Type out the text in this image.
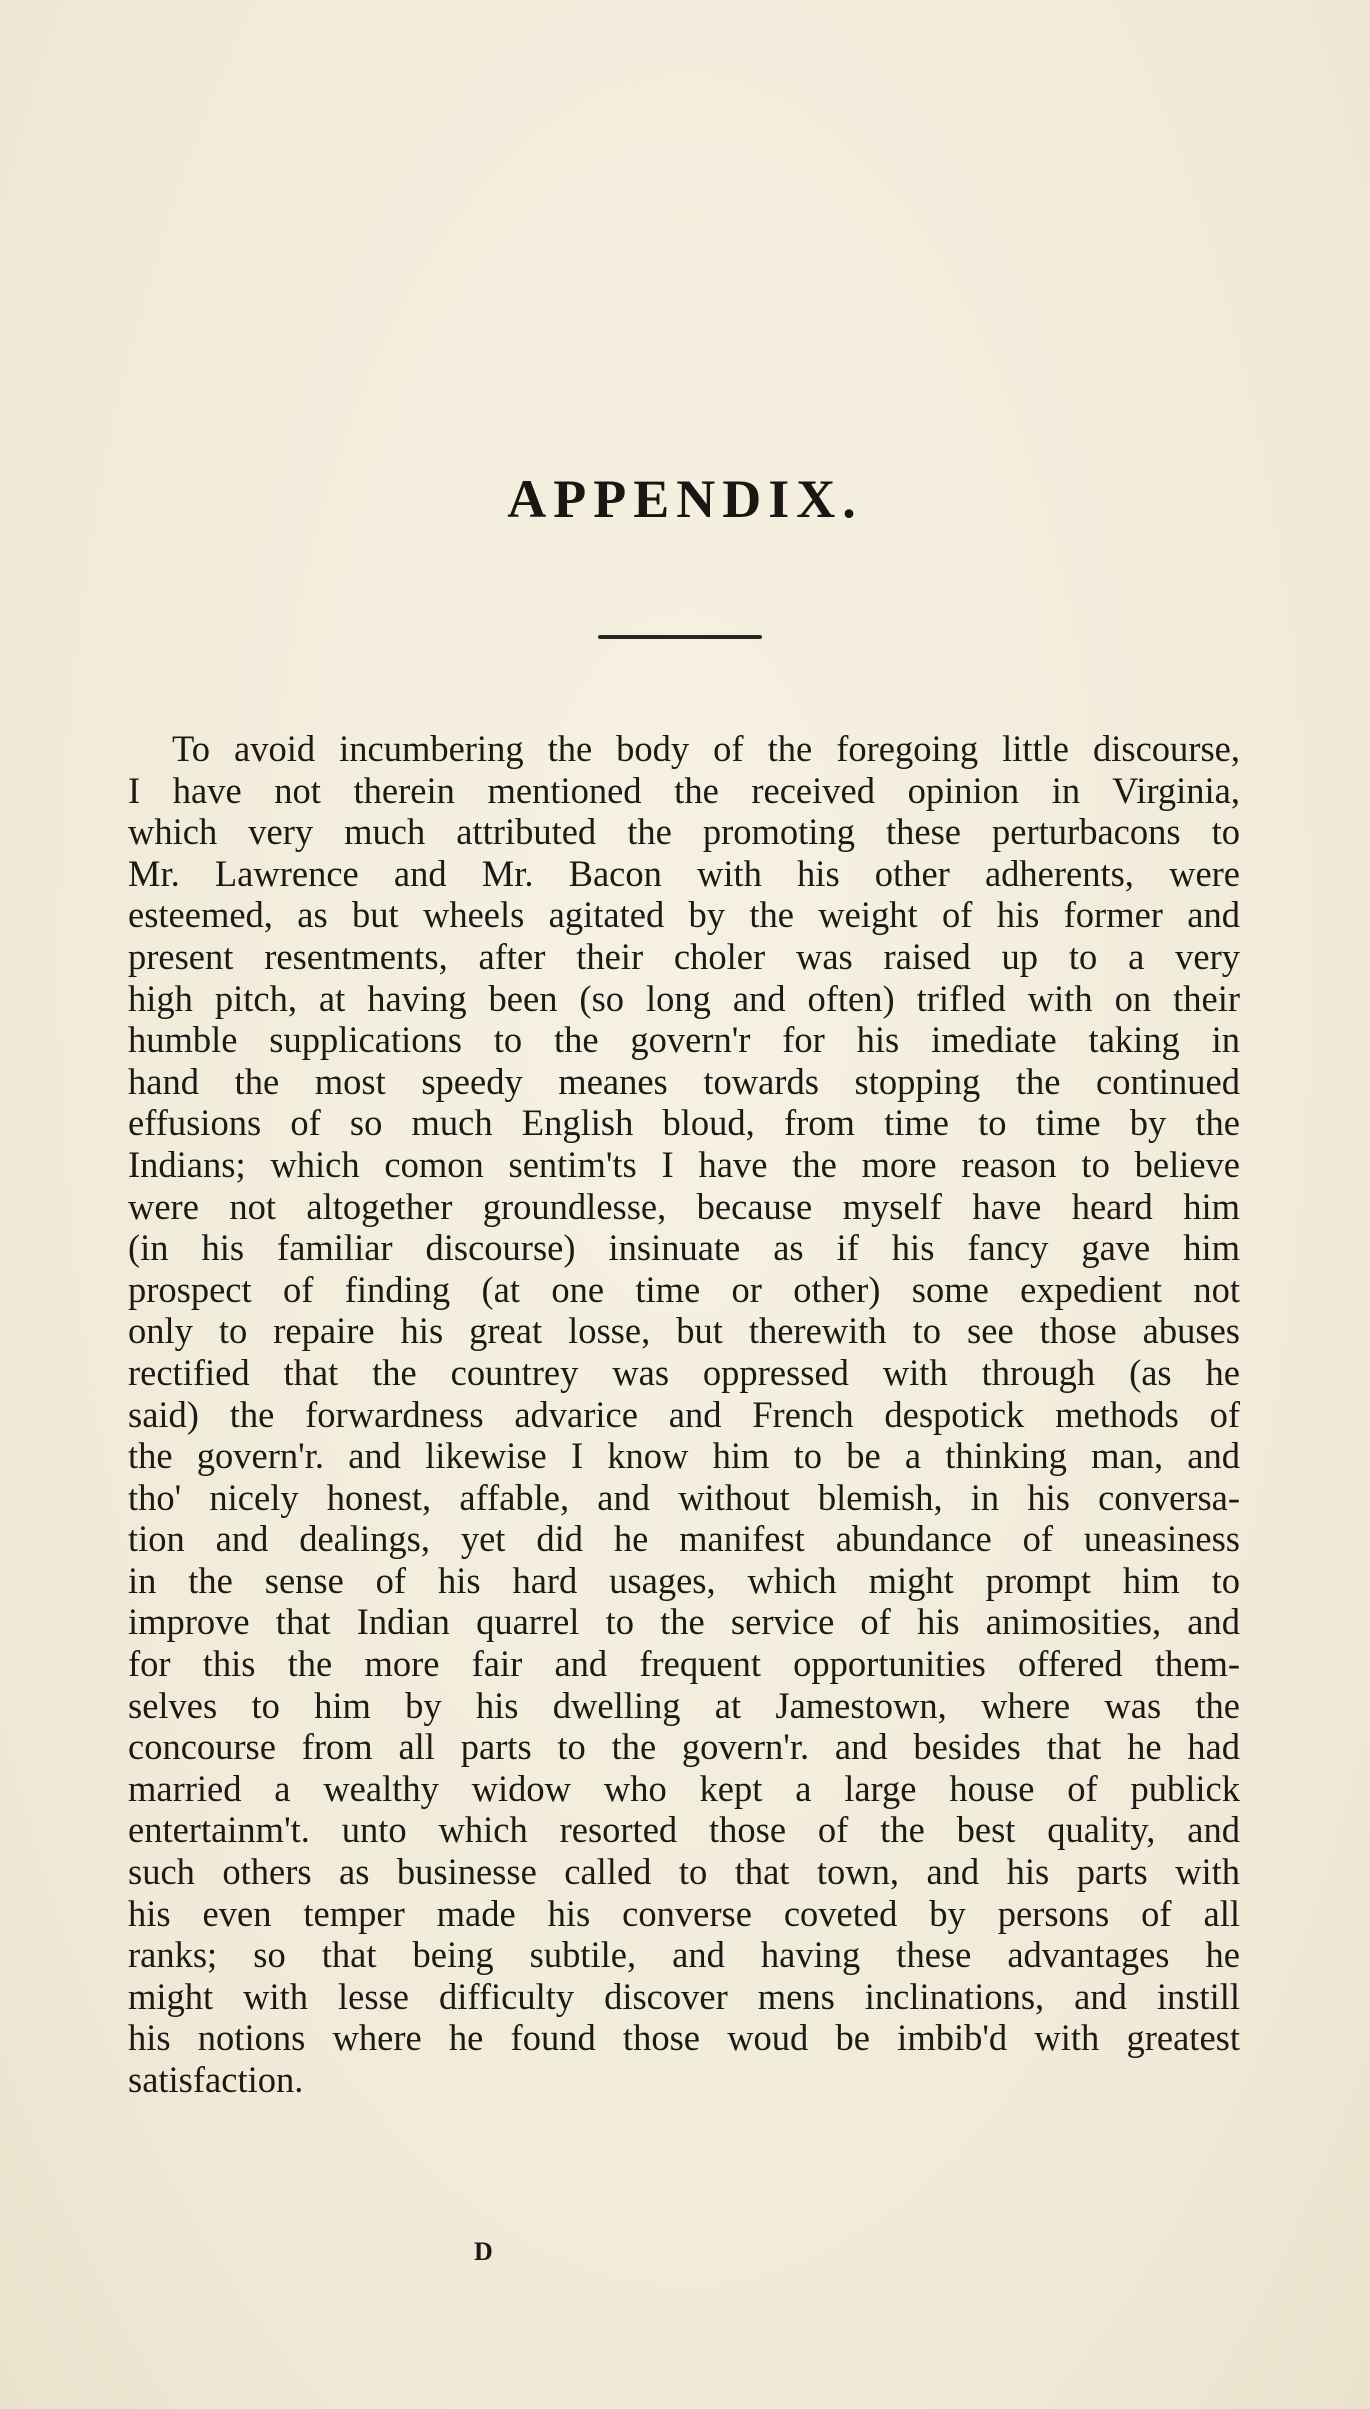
APPENDIX.
To avoid incumbering the body of the foregoing little discourse,
I have not therein mentioned the received opinion in Virginia,
which very much attributed the promoting these perturbacons to
Mr. Lawrence and Mr. Bacon with his other adherents, were
esteemed, as but wheels agitated by the weight of his former and
present resentments, after their choler was raised up to a very
high pitch, at having been (so long and often) trifled with on their
humble supplications to the govern'r for his imediate taking in
hand the most speedy meanes towards stopping the continued
effusions of so much English bloud, from time to time by the
Indians; which comon sentim'ts I have the more reason to believe
were not altogether groundlesse, because myself have heard him
(in his familiar discourse) insinuate as if his fancy gave him
prospect of finding (at one time or other) some expedient not
only to repaire his great losse, but therewith to see those abuses
rectified that the countrey was oppressed with through (as he
said) the forwardness advarice and French despotick methods of
the govern'r. and likewise I know him to be a thinking man, and
tho' nicely honest, affable, and without blemish, in his conversa-
tion and dealings, yet did he manifest abundance of uneasiness
in the sense of his hard usages, which might prompt him to
improve that Indian quarrel to the service of his animosities, and
for this the more fair and frequent opportunities offered them-
selves to him by his dwelling at Jamestown, where was the
concourse from all parts to the govern'r. and besides that he had
married a wealthy widow who kept a large house of publick
entertainm't. unto which resorted those of the best quality, and
such others as businesse called to that town, and his parts with
his even temper made his converse coveted by persons of all
ranks; so that being subtile, and having these advantages he
might with lesse difficulty discover mens inclinations, and instill
his notions where he found those woud be imbib'd with greatest
satisfaction.
D
